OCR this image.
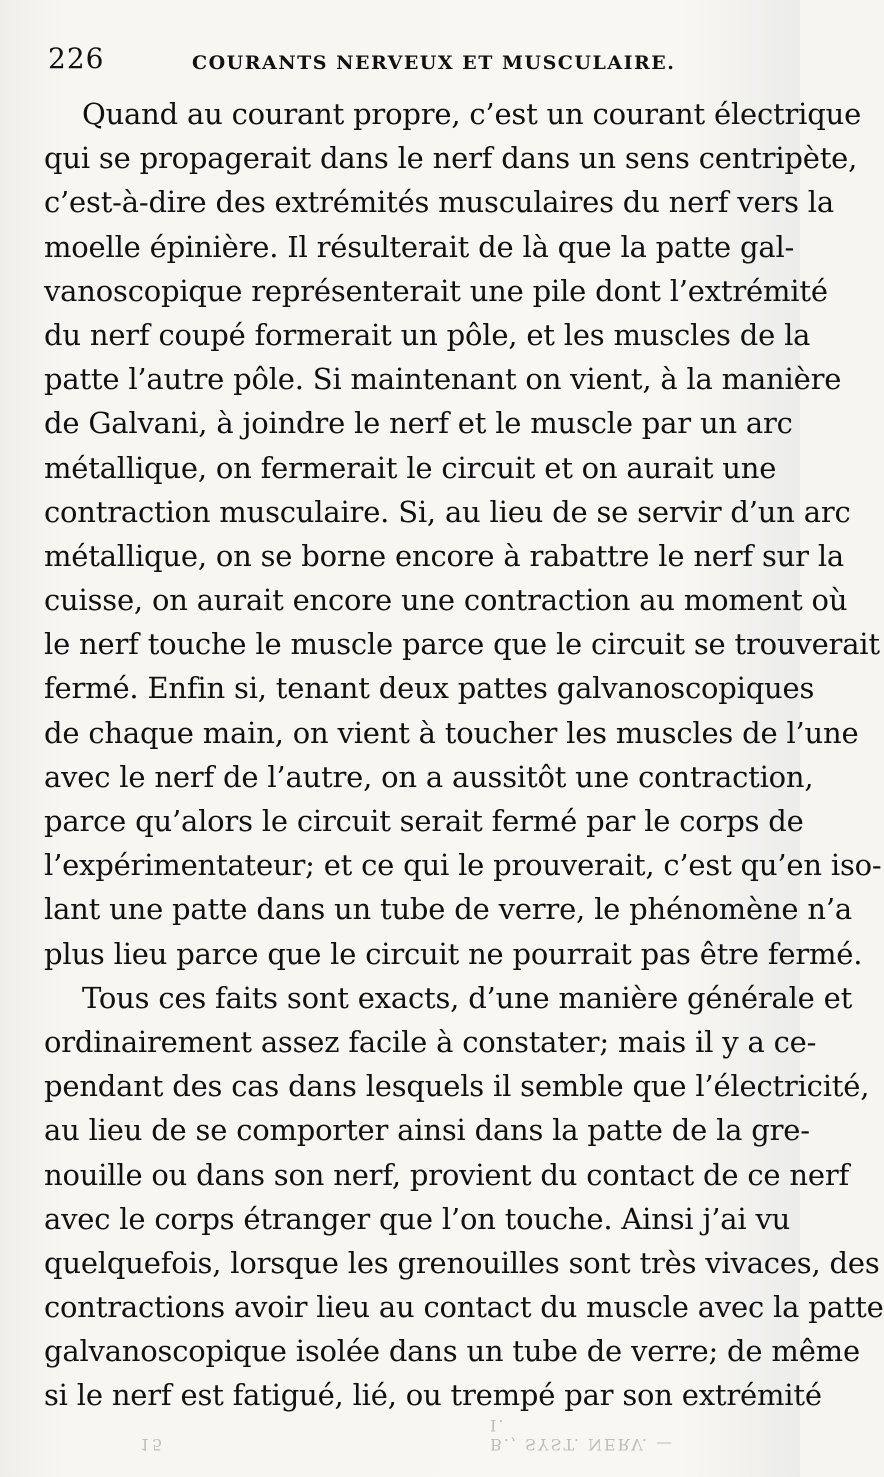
226	COURANTS NERVEUX ET MUSCULAIRE.
Quand au courant propre, c’est un courant électrique
qui se propagerait dans le nerf dans un sens centripète,
c’est-à-dire des extrémités musculaires du nerf vers la
moelle épinière. Il résulterait de là que la patte gal-
vanoscopique représenterait une pile dont l’extrémité
du nerf coupé formerait un pôle, et les muscles de la
patte l’autre pôle. Si maintenant on vient, à la manière
de Galvani, à joindre le nerf et le muscle par un arc
métallique, on fermerait le circuit et on aurait une
contraction musculaire. Si, au lieu de se servir d’un arc
métallique, on se borne encore à rabattre le nerf sur la
cuisse, on aurait encore une contraction au moment où
le nerf touche le muscle parce que le circuit se trouverait
fermé. Enfin si, tenant deux pattes galvanoscopiques
de chaque main, on vient à toucher les muscles de l’une
avec le nerf de l’autre, on a aussitôt une contraction,
parce qu’alors le circuit serait fermé par le corps de
l’expérimentateur; et ce qui le prouverait, c’est qu’en iso-
lant une patte dans un tube de verre, le phénomène n’a
plus lieu parce que le circuit ne pourrait pas être fermé.
Tous ces faits sont exacts, d’une manière générale et
ordinairement assez facile à constater; mais il y a ce-
pendant des cas dans lesquels il semble que l’électricité,
au lieu de se comporter ainsi dans la patte de la gre-
nouille ou dans son nerf, provient du contact de ce nerf
avec le corps étranger que l’on touche. Ainsi j’ai vu
quelquefois, lorsque les grenouilles sont très vivaces, des
contractions avoir lieu au contact du muscle avec la patte
galvanoscopique isolée dans un tube de verre; de même
si le nerf est fatigué, lié, ou trempé par son extrémité
15	B., SYST. NERV. — I.
